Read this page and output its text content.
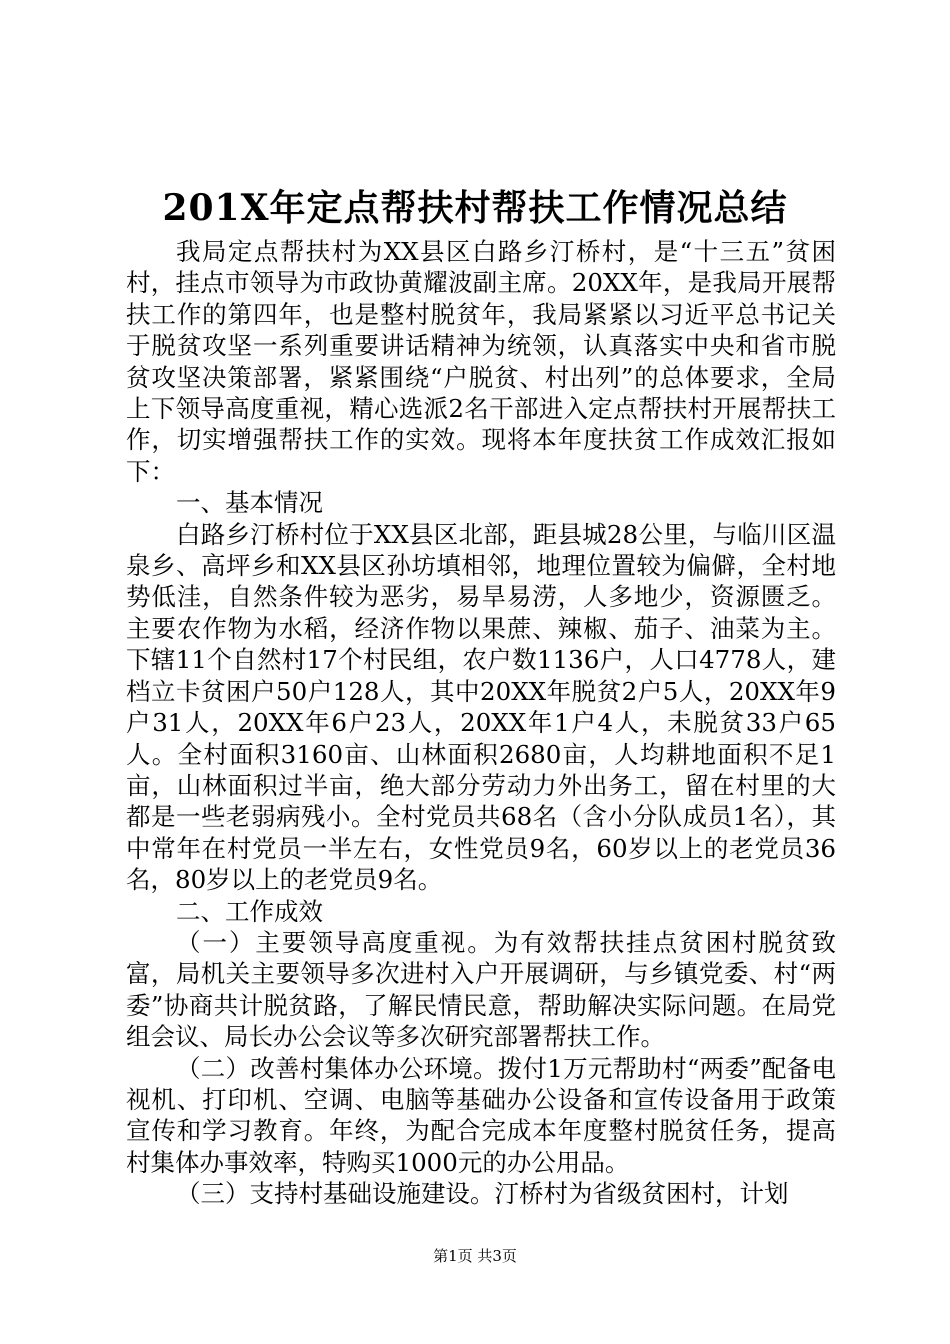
201X年定点帮扶村帮扶工作情况总结

我局定点帮扶村为XX县区白路乡汀桥村，是“十三五”贫困村，挂点市领导为市政协黄耀波副主席。20XX年，是我局开展帮扶工作的第四年，也是整村脱贫年，我局紧紧以习近平总书记关于脱贫攻坚一系列重要讲话精神为统领，认真落实中央和省市脱贫攻坚决策部署，紧紧围绕“户脱贫、村出列”的总体要求，全局上下领导高度重视，精心选派2名干部进入定点帮扶村开展帮扶工作，切实增强帮扶工作的实效。现将本年度扶贫工作成效汇报如下：

一、基本情况

白路乡汀桥村位于XX县区北部，距县城28公里，与临川区温泉乡、高坪乡和XX县区孙坊填相邻，地理位置较为偏僻，全村地势低洼，自然条件较为恶劣，易旱易涝，人多地少，资源匮乏。主要农作物为水稻，经济作物以果蔗、辣椒、茄子、油菜为主。下辖11个自然村17个村民组，农户数1136户，人口4778人，建档立卡贫困户50户128人，其中20XX年脱贫2户5人，20XX年9户31人，20XX年6户23人，20XX年1户4人，未脱贫33户65人。全村面积3160亩、山林面积2680亩，人均耕地面积不足1亩，山林面积过半亩，绝大部分劳动力外出务工，留在村里的大都是一些老弱病残小。全村党员共68名（含小分队成员1名），其中常年在村党员一半左右，女性党员9名，60岁以上的老党员36名，80岁以上的老党员9名。

二、工作成效

（一）主要领导高度重视。为有效帮扶挂点贫困村脱贫致富，局机关主要领导多次进村入户开展调研，与乡镇党委、村“两委”协商共计脱贫路，了解民情民意，帮助解决实际问题。在局党组会议、局长办公会议等多次研究部署帮扶工作。

（二）改善村集体办公环境。拨付1万元帮助村“两委”配备电视机、打印机、空调、电脑等基础办公设备和宣传设备用于政策宣传和学习教育。年终，为配合完成本年度整村脱贫任务，提高村集体办事效率，特购买1000元的办公用品。

（三）支持村基础设施建设。汀桥村为省级贫困村，计划

第1页 共3页
